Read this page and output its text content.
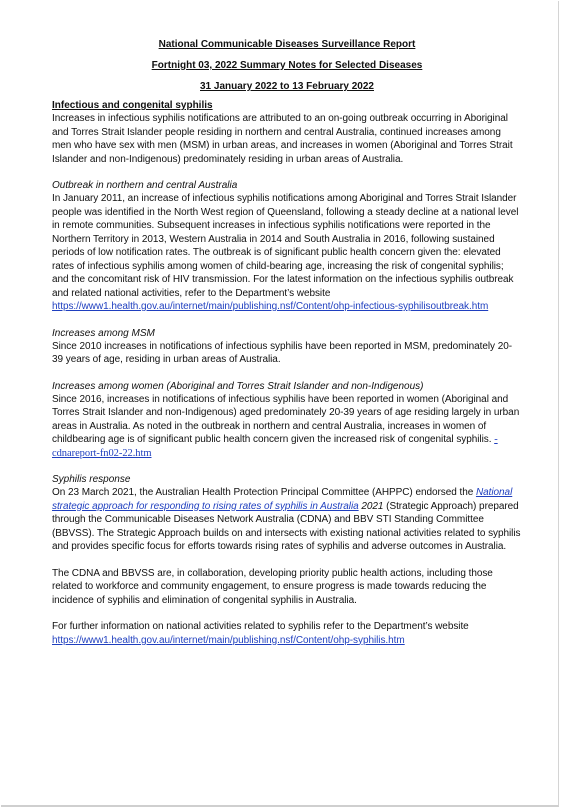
National Communicable Diseases Surveillance Report
Fortnight 03, 2022 Summary Notes for Selected Diseases
31 January 2022 to 13 February 2022
Infectious and congenital syphilis

Increases in infectious syphilis notifications are attributed to an on-going outbreak occurring in Aboriginal and Torres Strait Islander people residing in northern and central Australia, continued increases among men who have sex with men (MSM) in urban areas, and increases in women (Aboriginal and Torres Strait Islander and non-Indigenous) predominately residing in urban areas of Australia.

Outbreak in northern and central Australia

In January 2011, an increase of infectious syphilis notifications among Aboriginal and Torres Strait Islander people was identified in the North West region of Queensland, following a steady decline at a national level in remote communities. Subsequent increases in infectious syphilis notifications were reported in the Northern Territory in 2013, Western Australia in 2014 and South Australia in 2016, following sustained periods of low notification rates. The outbreak is of significant public health concern given the: elevated rates of infectious syphilis among women of child-bearing age, increasing the risk of congenital syphilis; and the concomitant risk of HIV transmission. For the latest information on the infectious syphilis outbreak and related national activities, refer to the Department’s website https://www1.health.gov.au/internet/main/publishing.nsf/Content/ohp-infectious-syphilisoutbreak.htm

Increases among MSM

Since 2010 increases in notifications of infectious syphilis have been reported in MSM, predominately 20-39 years of age, residing in urban areas of Australia.

Increases among women (Aboriginal and Torres Strait Islander and non-Indigenous)

Since 2016, increases in notifications of infectious syphilis have been reported in women (Aboriginal and Torres Strait Islander and non-Indigenous) aged predominately 20-39 years of age residing largely in urban areas in Australia. As noted in the outbreak in northern and central Australia, increases in women of childbearing age is of significant public health concern given the increased risk of congenital syphilis. - cdnareport-fn02-22.htm

Syphilis response

On 23 March 2021, the Australian Health Protection Principal Committee (AHPPC) endorsed the National strategic approach for responding to rising rates of syphilis in Australia 2021 (Strategic Approach) prepared through the Communicable Diseases Network Australia (CDNA) and BBV STI Standing Committee (BBVSS). The Strategic Approach builds on and intersects with existing national activities related to syphilis and provides specific focus for efforts towards rising rates of syphilis and adverse outcomes in Australia.

The CDNA and BBVSS are, in collaboration, developing priority public health actions, including those related to workforce and community engagement, to ensure progress is made towards reducing the incidence of syphilis and elimination of congenital syphilis in Australia.

For further information on national activities related to syphilis refer to the Department’s website https://www1.health.gov.au/internet/main/publishing.nsf/Content/ohp-syphilis.htm
